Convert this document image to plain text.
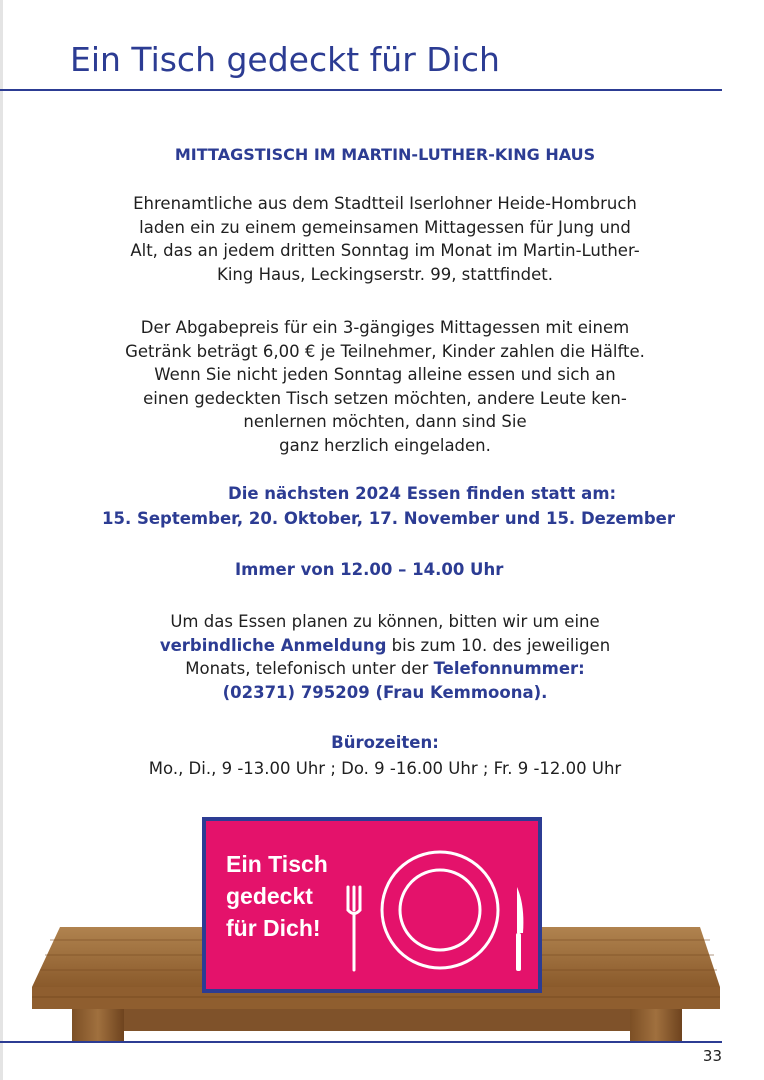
Ein Tisch gedeckt für Dich
MITTAGSTISCH IM MARTIN-LUTHER-KING HAUS
Ehrenamtliche aus dem Stadtteil Iserlohner Heide-Hombruch
laden ein zu einem gemeinsamen Mittagessen für Jung und
Alt, das an jedem dritten Sonntag im Monat im Martin-Luther-
King Haus, Leckingserstr. 99, stattfindet.
Der Abgabepreis für ein 3-gängiges Mittagessen mit einem
Getränk beträgt 6,00 € je Teilnehmer, Kinder zahlen die Hälfte.
Wenn Sie nicht jeden Sonntag alleine essen und sich an
einen gedeckten Tisch setzen möchten, andere Leute ken-
nenlernen möchten, dann sind Sie
ganz herzlich eingeladen.
Die nächsten 2024 Essen finden statt am:
15. September, 20. Oktober, 17. November und 15. Dezember
Immer von 12.00 – 14.00 Uhr
Um das Essen planen zu können, bitten wir um eine
verbindliche Anmeldung bis zum 10. des jeweiligen
Monats, telefonisch unter der Telefonnummer:
(02371) 795209 (Frau Kemmoona).
Bürozeiten:
Mo., Di., 9 -13.00 Uhr ; Do. 9 -16.00 Uhr ; Fr. 9 -12.00 Uhr
Ein Tisch
gedeckt
für Dich!
33
